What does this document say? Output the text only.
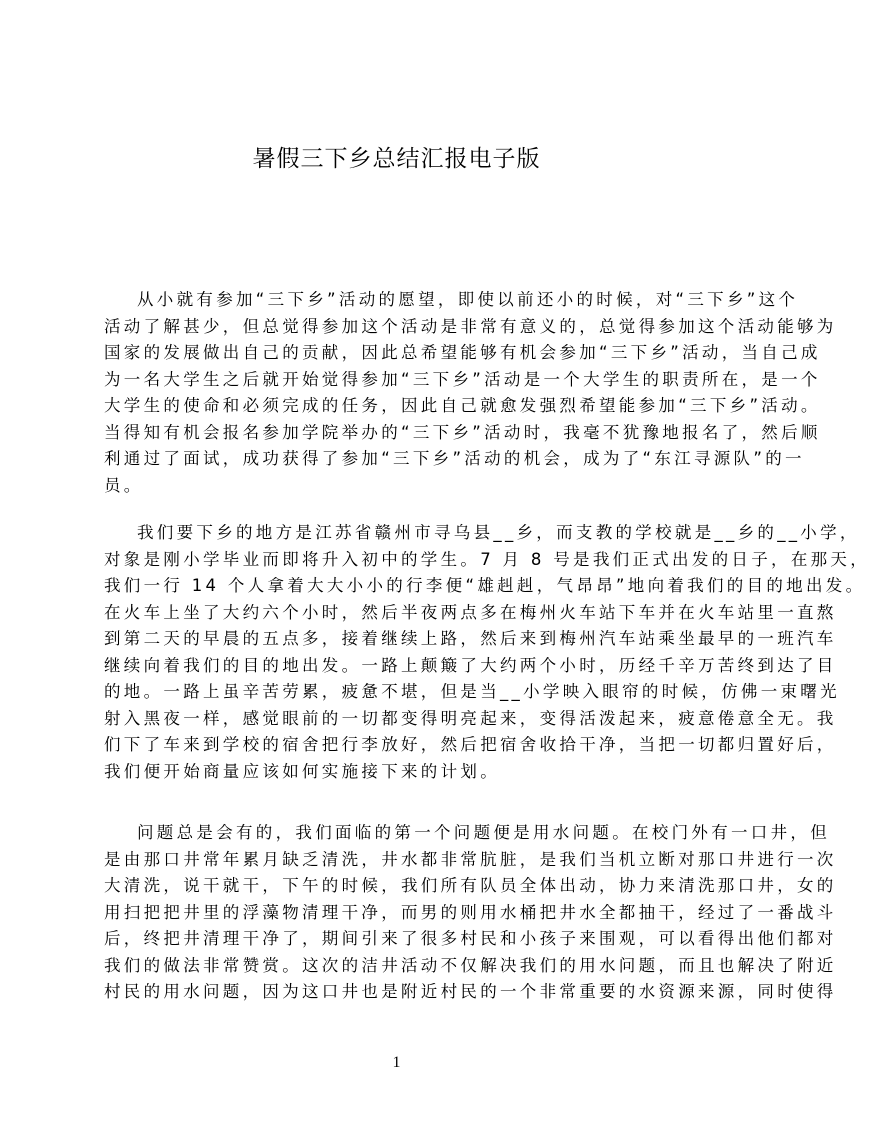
暑假三下乡总结汇报电子版
从小就有参加“三下乡”活动的愿望，即使以前还小的时候，对“三下乡”这个
活动了解甚少，但总觉得参加这个活动是非常有意义的，总觉得参加这个活动能够为
国家的发展做出自己的贡献，因此总希望能够有机会参加“三下乡”活动，当自己成
为一名大学生之后就开始觉得参加“三下乡”活动是一个大学生的职责所在，是一个
大学生的使命和必须完成的任务，因此自己就愈发强烈希望能参加“三下乡”活动。
当得知有机会报名参加学院举办的“三下乡”活动时，我毫不犹豫地报名了，然后顺
利通过了面试，成功获得了参加“三下乡”活动的机会，成为了“东江寻源队”的一
员。
我们要下乡的地方是江苏省赣州市寻乌县__乡，而支教的学校就是__乡的__小学，
对象是刚小学毕业而即将升入初中的学生。7 月 8 号是我们正式出发的日子，在那天，
我们一行 14 个人拿着大大小小的行李便“雄赳赳，气昂昂”地向着我们的目的地出发。
在火车上坐了大约六个小时，然后半夜两点多在梅州火车站下车并在火车站里一直熬
到第二天的早晨的五点多，接着继续上路，然后来到梅州汽车站乘坐最早的一班汽车
继续向着我们的目的地出发。一路上颠簸了大约两个小时，历经千辛万苦终到达了目
的地。一路上虽辛苦劳累，疲惫不堪，但是当__小学映入眼帘的时候，仿佛一束曙光
射入黑夜一样，感觉眼前的一切都变得明亮起来，变得活泼起来，疲意倦意全无。我
们下了车来到学校的宿舍把行李放好，然后把宿舍收拾干净，当把一切都归置好后，
我们便开始商量应该如何实施接下来的计划。
问题总是会有的，我们面临的第一个问题便是用水问题。在校门外有一口井，但
是由那口井常年累月缺乏清洗，井水都非常肮脏，是我们当机立断对那口井进行一次
大清洗，说干就干，下午的时候，我们所有队员全体出动，协力来清洗那口井，女的
用扫把把井里的浮藻物清理干净，而男的则用水桶把井水全都抽干，经过了一番战斗
后，终把井清理干净了，期间引来了很多村民和小孩子来围观，可以看得出他们都对
我们的做法非常赞赏。这次的洁井活动不仅解决我们的用水问题，而且也解决了附近
村民的用水问题，因为这口井也是附近村民的一个非常重要的水资源来源，同时使得
1
